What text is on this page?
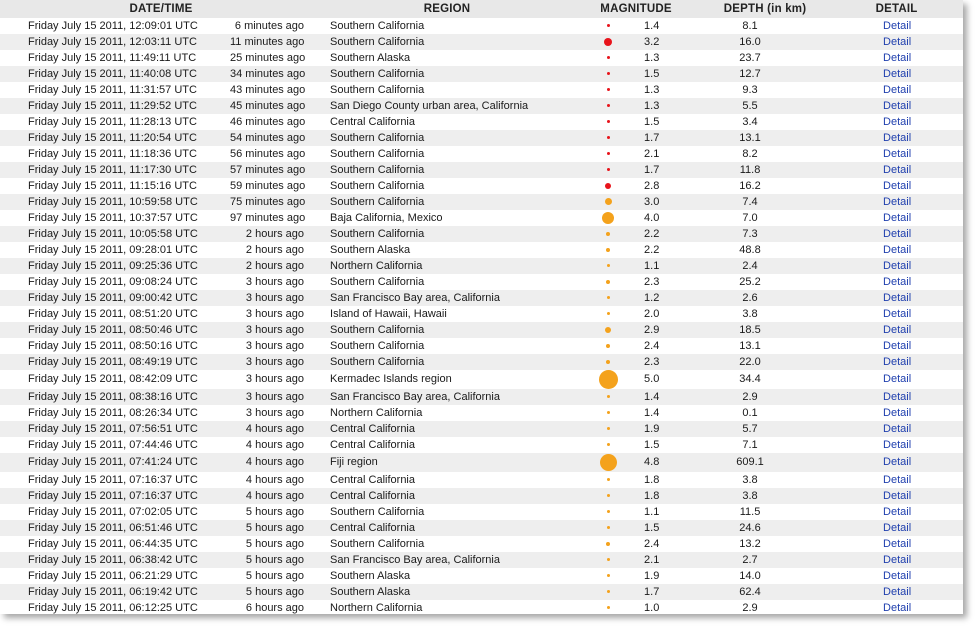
DATE/TIME		REGION	MAGNITUDE		DEPTH (in km)	DETAIL
Friday July 15 2011, 12:09:01 UTC	6 minutes ago	Southern California		1.4	8.1	Detail
Friday July 15 2011, 12:03:11 UTC	11 minutes ago	Southern California		3.2	16.0	Detail
Friday July 15 2011, 11:49:11 UTC	25 minutes ago	Southern Alaska		1.3	23.7	Detail
Friday July 15 2011, 11:40:08 UTC	34 minutes ago	Southern California		1.5	12.7	Detail
Friday July 15 2011, 11:31:57 UTC	43 minutes ago	Southern California		1.3	9.3	Detail
Friday July 15 2011, 11:29:52 UTC	45 minutes ago	San Diego County urban area, California		1.3	5.5	Detail
Friday July 15 2011, 11:28:13 UTC	46 minutes ago	Central California		1.5	3.4	Detail
Friday July 15 2011, 11:20:54 UTC	54 minutes ago	Southern California		1.7	13.1	Detail
Friday July 15 2011, 11:18:36 UTC	56 minutes ago	Southern California		2.1	8.2	Detail
Friday July 15 2011, 11:17:30 UTC	57 minutes ago	Southern California		1.7	11.8	Detail
Friday July 15 2011, 11:15:16 UTC	59 minutes ago	Southern California		2.8	16.2	Detail
Friday July 15 2011, 10:59:58 UTC	75 minutes ago	Southern California		3.0	7.4	Detail
Friday July 15 2011, 10:37:57 UTC	97 minutes ago	Baja California, Mexico		4.0	7.0	Detail
Friday July 15 2011, 10:05:58 UTC	2 hours ago	Southern California		2.2	7.3	Detail
Friday July 15 2011, 09:28:01 UTC	2 hours ago	Southern Alaska		2.2	48.8	Detail
Friday July 15 2011, 09:25:36 UTC	2 hours ago	Northern California		1.1	2.4	Detail
Friday July 15 2011, 09:08:24 UTC	3 hours ago	Southern California		2.3	25.2	Detail
Friday July 15 2011, 09:00:42 UTC	3 hours ago	San Francisco Bay area, California		1.2	2.6	Detail
Friday July 15 2011, 08:51:20 UTC	3 hours ago	Island of Hawaii, Hawaii		2.0	3.8	Detail
Friday July 15 2011, 08:50:46 UTC	3 hours ago	Southern California		2.9	18.5	Detail
Friday July 15 2011, 08:50:16 UTC	3 hours ago	Southern California		2.4	13.1	Detail
Friday July 15 2011, 08:49:19 UTC	3 hours ago	Southern California		2.3	22.0	Detail
Friday July 15 2011, 08:42:09 UTC	3 hours ago	Kermadec Islands region		5.0	34.4	Detail
Friday July 15 2011, 08:38:16 UTC	3 hours ago	San Francisco Bay area, California		1.4	2.9	Detail
Friday July 15 2011, 08:26:34 UTC	3 hours ago	Northern California		1.4	0.1	Detail
Friday July 15 2011, 07:56:51 UTC	4 hours ago	Central California		1.9	5.7	Detail
Friday July 15 2011, 07:44:46 UTC	4 hours ago	Central California		1.5	7.1	Detail
Friday July 15 2011, 07:41:24 UTC	4 hours ago	Fiji region		4.8	609.1	Detail
Friday July 15 2011, 07:16:37 UTC	4 hours ago	Central California		1.8	3.8	Detail
Friday July 15 2011, 07:16:37 UTC	4 hours ago	Central California		1.8	3.8	Detail
Friday July 15 2011, 07:02:05 UTC	5 hours ago	Southern California		1.1	11.5	Detail
Friday July 15 2011, 06:51:46 UTC	5 hours ago	Central California		1.5	24.6	Detail
Friday July 15 2011, 06:44:35 UTC	5 hours ago	Southern California		2.4	13.2	Detail
Friday July 15 2011, 06:38:42 UTC	5 hours ago	San Francisco Bay area, California		2.1	2.7	Detail
Friday July 15 2011, 06:21:29 UTC	5 hours ago	Southern Alaska		1.9	14.0	Detail
Friday July 15 2011, 06:19:42 UTC	5 hours ago	Southern Alaska		1.7	62.4	Detail
Friday July 15 2011, 06:12:25 UTC	6 hours ago	Northern California		1.0	2.9	Detail
